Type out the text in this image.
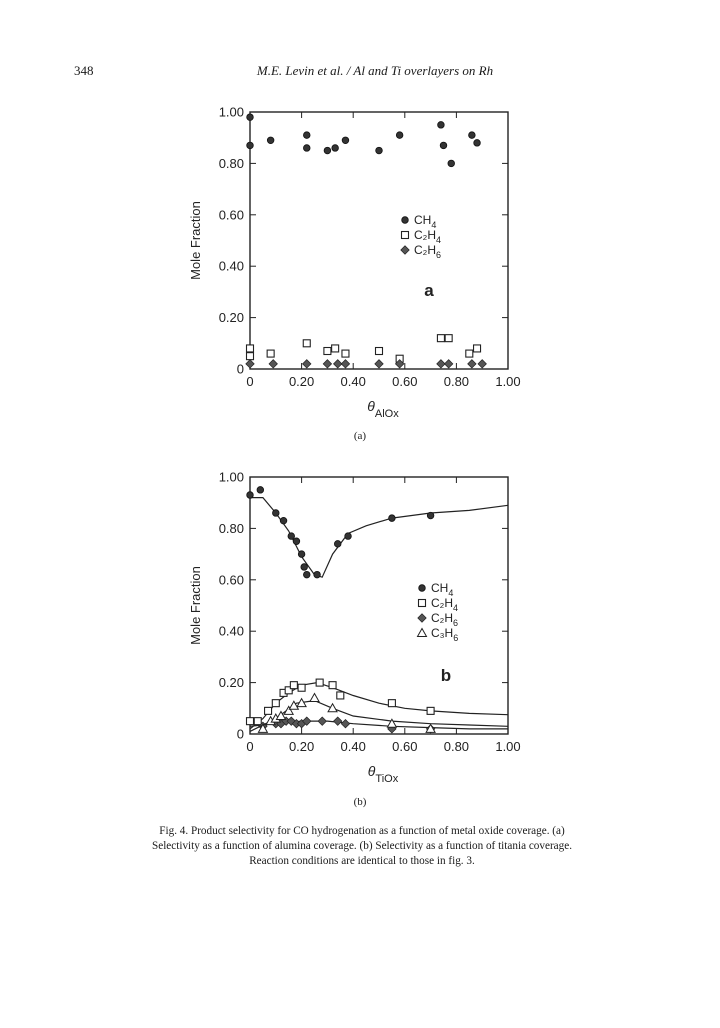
348	M.E. Levin et al. / Al and Ti overlayers on Rh
0	0.20 0.40 0.60 0.80 1.00
0
0.20
0.40
0.60
0.80
1.00
Mole Fraction
$\theta_{AlOx}$
$CH_4$
$C_2H_4$
$C_2H_6$
a
0	0.20 0.40 0.60 0.80 1.00
0
0.20
0.40
0.60
0.80
1.00
Mole Fraction
$\theta_{TiOx}$
$CH_4$
$C_2H_4$
$C_2H_6$
$C_3H_6$
b
(a)
(b)

Fig. 4. Product selectivity for CO hydrogenation as a function of metal oxide coverage. (a)

Selectivity as a function of alumina coverage. (b) Selectivity as a function of titania coverage.

Reaction conditions are identical to those in fig. 3.
